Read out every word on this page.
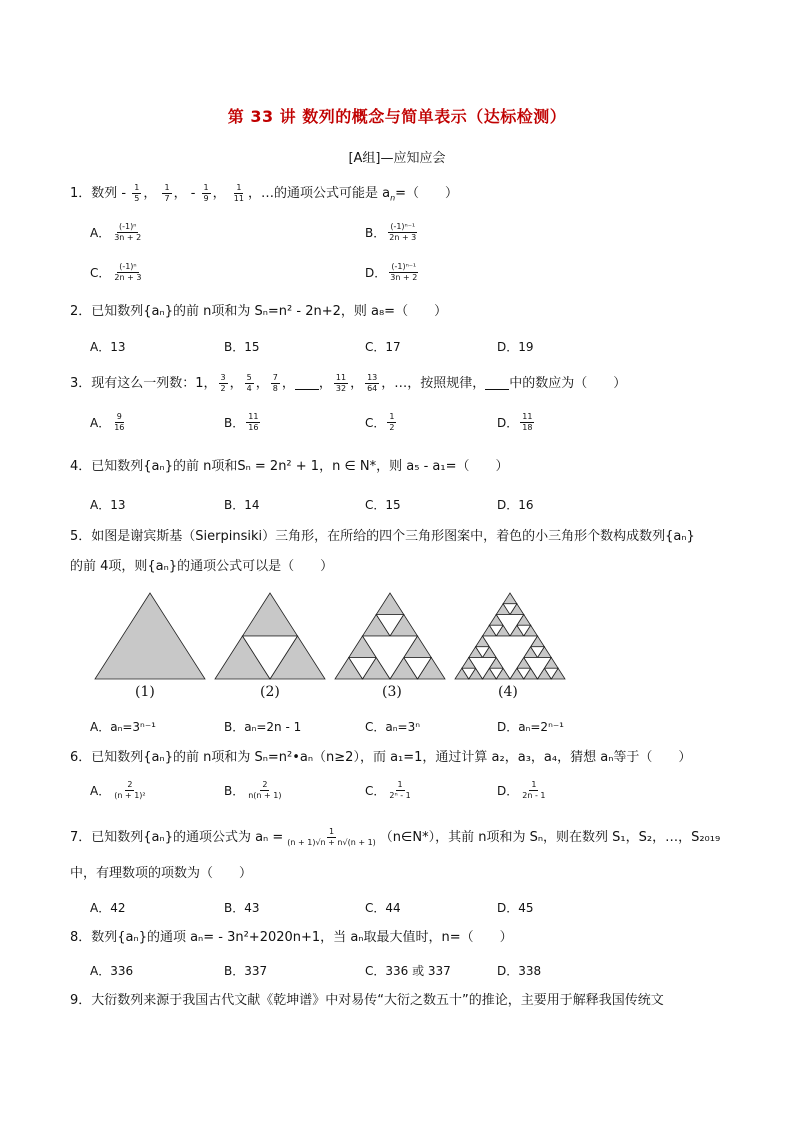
第 33 讲 数列的概念与简单表示（达标检测）
[A组]—应知应会
1．数列 - $\frac{1}{5}$ ， $\frac{1}{7}$ ， - $\frac{1}{9}$ ， $\frac{1}{11}$ ，…的通项公式可能是 $a_n=$（　　）
A． $\frac{\text{(-1)ⁿ}}{3n + 2}$	B． $\frac{\text{(-1)ⁿ⁻¹}}{2n + 3}$
C． $\frac{\text{(-1)ⁿ}}{2n + 3}$	D． $\frac{\text{(-1)ⁿ⁻¹}}{3n + 2}$
2．已知数列{aₙ}的前 n项和为 Sₙ=n² - 2n+2，则 a₈=（　　）
A．13	B．15	C．17	D．19
3．现有这么一列数：1， $\frac{3}{2}$ ， $\frac{5}{4}$ ， $\frac{7}{8}$ ， ， $\frac{11}{32}$ ， $\frac{13}{64}$ ，…，按照规律， 中的数应为（　　）
A． $\frac{9}{16}$	B． $\frac{11}{16}$	C． $\frac{1}{2}$	D． $\frac{11}{18}$
4．已知数列{aₙ}的前 n项和Sₙ = 2n² + 1，n ∈ N*，则 a₅ - a₁=（　　）
A．13	B．14	C．15	D．16
5．如图是谢宾斯基（Sierpinsiki）三角形，在所给的四个三角形图案中，着色的小三角形个数构成数列{aₙ}
的前 4项，则{aₙ}的通项公式可以是（　　）
(1)	(2)	(3)	(4)
A．aₙ=3ⁿ⁻¹	B．aₙ=2n - 1	C．aₙ=3ⁿ	D．aₙ=2ⁿ⁻¹
6．已知数列{aₙ}的前 n项和为 Sₙ=n²•aₙ（n≥2），而 a₁=1，通过计算 a₂，a₃，a₄，猜想 aₙ等于（　　）
A． $\frac{2}{\text{(n + 1)²}}$	B． $\frac{2}{n(n + 1)}$	C． $\frac{1}{\text{2ⁿ - 1}}$	D． $\frac{1}{2n - 1}$
7．已知数列{aₙ}的通项公式为 $a_n = \frac{1}{(n + 1)√n + n√(n + 1)}$ （n∈N*），其前 n项和为 Sₙ，则在数列 S₁，S₂，…，S₂₀₁₉
中，有理数项的项数为（　　）
A．42	B．43	C．44	D．45
8．数列{aₙ}的通项 aₙ= - 3n²+2020n+1，当 aₙ取最大值时，n=（　　）
A．336	B．337	C．336 或 337	D．338
9．大衍数列来源于我国古代文献《乾坤谱》中对易传“大衍之数五十”的推论，主要用于解释我国传统文
